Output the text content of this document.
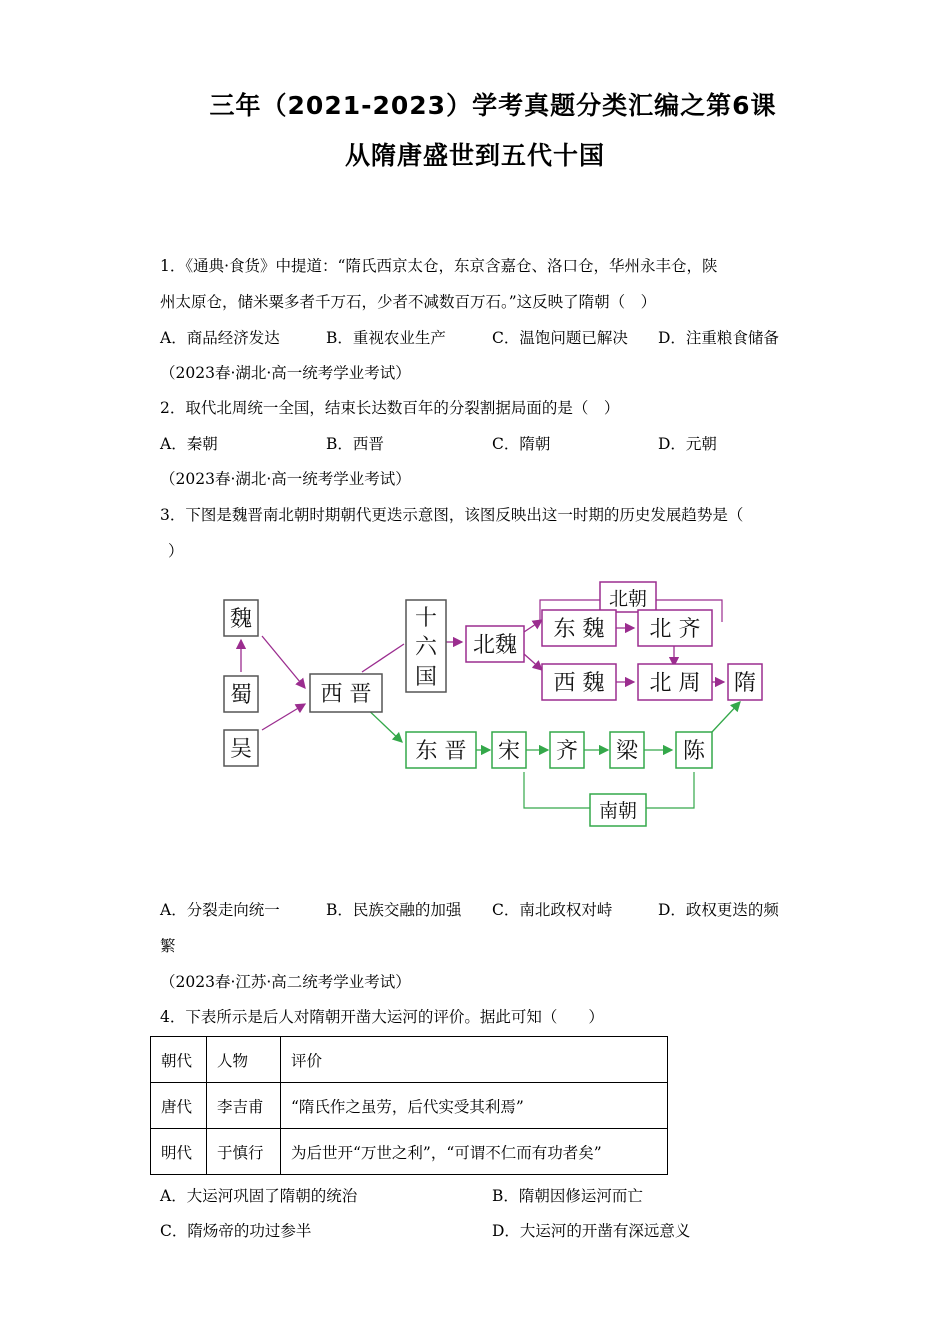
三年（2021-2023）学考真题分类汇编之第6课
从隋唐盛世到五代十国
1．《通典·食货》中提道：“隋氏西京太仓，东京含嘉仓、洛口仓，华州永丰仓，陕
州太原仓，储米粟多者千万石，少者不减数百万石。”这反映了隋朝（　）
A．商品经济发达	B．重视农业生产	C．温饱问题已解决 D．注重粮食储备
（2023春·湖北·高一统考学业考试）
2．取代北周统一全国，结束长达数百年的分裂割据局面的是（　）
A．秦朝	B．西晋	C．隋朝	D．元朝
（2023春·湖北·高一统考学业考试）
3．下图是魏晋南北朝时期朝代更迭示意图，该图反映出这一时期的历史发展趋势是（
）
魏
蜀
吴
西 晋
十
六
国
北魏
北朝
东 魏
西 魏
北 齐
北 周 隋
东 晋 宋 齐 梁 陈
南朝
A．分裂走向统一	B．民族交融的加强 C．南北政权对峙	D．政权更迭的频
繁
（2023春·江苏·高二统考学业考试）
4．下表所示是后人对隋朝开凿大运河的评价。据此可知（　　）
朝代	人物	评价
唐代	李吉甫	“隋氏作之虽劳，后代实受其利焉”
明代	于慎行	为后世开“万世之利”，“可谓不仁而有功者矣”
A．大运河巩固了隋朝的统治	B．隋朝因修运河而亡
C．隋炀帝的功过参半	D．大运河的开凿有深远意义
